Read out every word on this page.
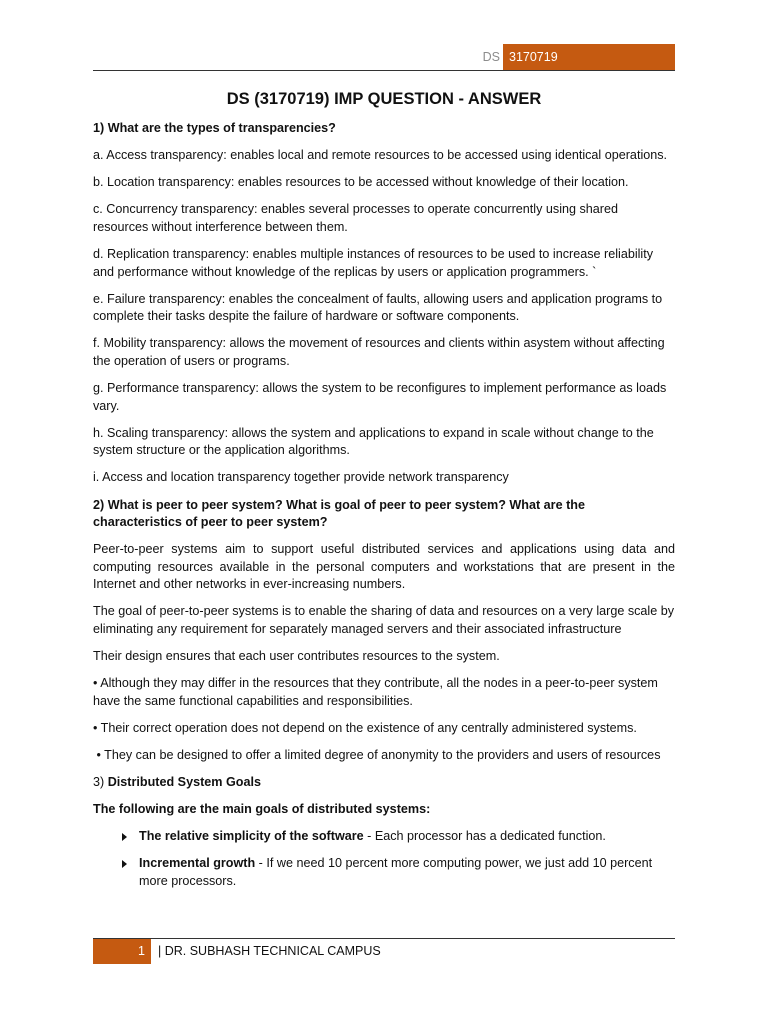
DS 3170719
DS (3170719) IMP QUESTION - ANSWER
1) What are the types of transparencies?
a. Access transparency: enables local and remote resources to be accessed using identical operations.
b. Location transparency: enables resources to be accessed without knowledge of their location.
c. Concurrency transparency: enables several processes to operate concurrently using shared resources without interference between them.
d. Replication transparency: enables multiple instances of resources to be used to increase reliability and performance without knowledge of the replicas by users or application programmers. `
e. Failure transparency: enables the concealment of faults, allowing users and application programs to complete their tasks despite the failure of hardware or software components.
f. Mobility transparency: allows the movement of resources and clients within asystem without affecting the operation of users or programs.
g. Performance transparency: allows the system to be reconfigures to implement performance as loads vary.
h. Scaling transparency: allows the system and applications to expand in scale without change to the system structure or the application algorithms.
i. Access and location transparency together provide network transparency
2) What is peer to peer system? What is goal of peer to peer system? What are the characteristics of peer to peer system?
Peer-to-peer systems aim to support useful distributed services and applications using data and computing resources available in the personal computers and workstations that are present in the Internet and other networks in ever-increasing numbers.
The goal of peer-to-peer systems is to enable the sharing of data and resources on a very large scale by eliminating any requirement for separately managed servers and their associated infrastructure
Their design ensures that each user contributes resources to the system.
• Although they may differ in the resources that they contribute, all the nodes in a peer-to-peer system have the same functional capabilities and responsibilities.
• Their correct operation does not depend on the existence of any centrally administered systems.
• They can be designed to offer a limited degree of anonymity to the providers and users of resources
3) Distributed System Goals
The following are the main goals of distributed systems:
The relative simplicity of the software - Each processor has a dedicated function.
Incremental growth - If we need 10 percent more computing power, we just add 10 percent more processors.
1	| DR. SUBHASH TECHNICAL CAMPUS
